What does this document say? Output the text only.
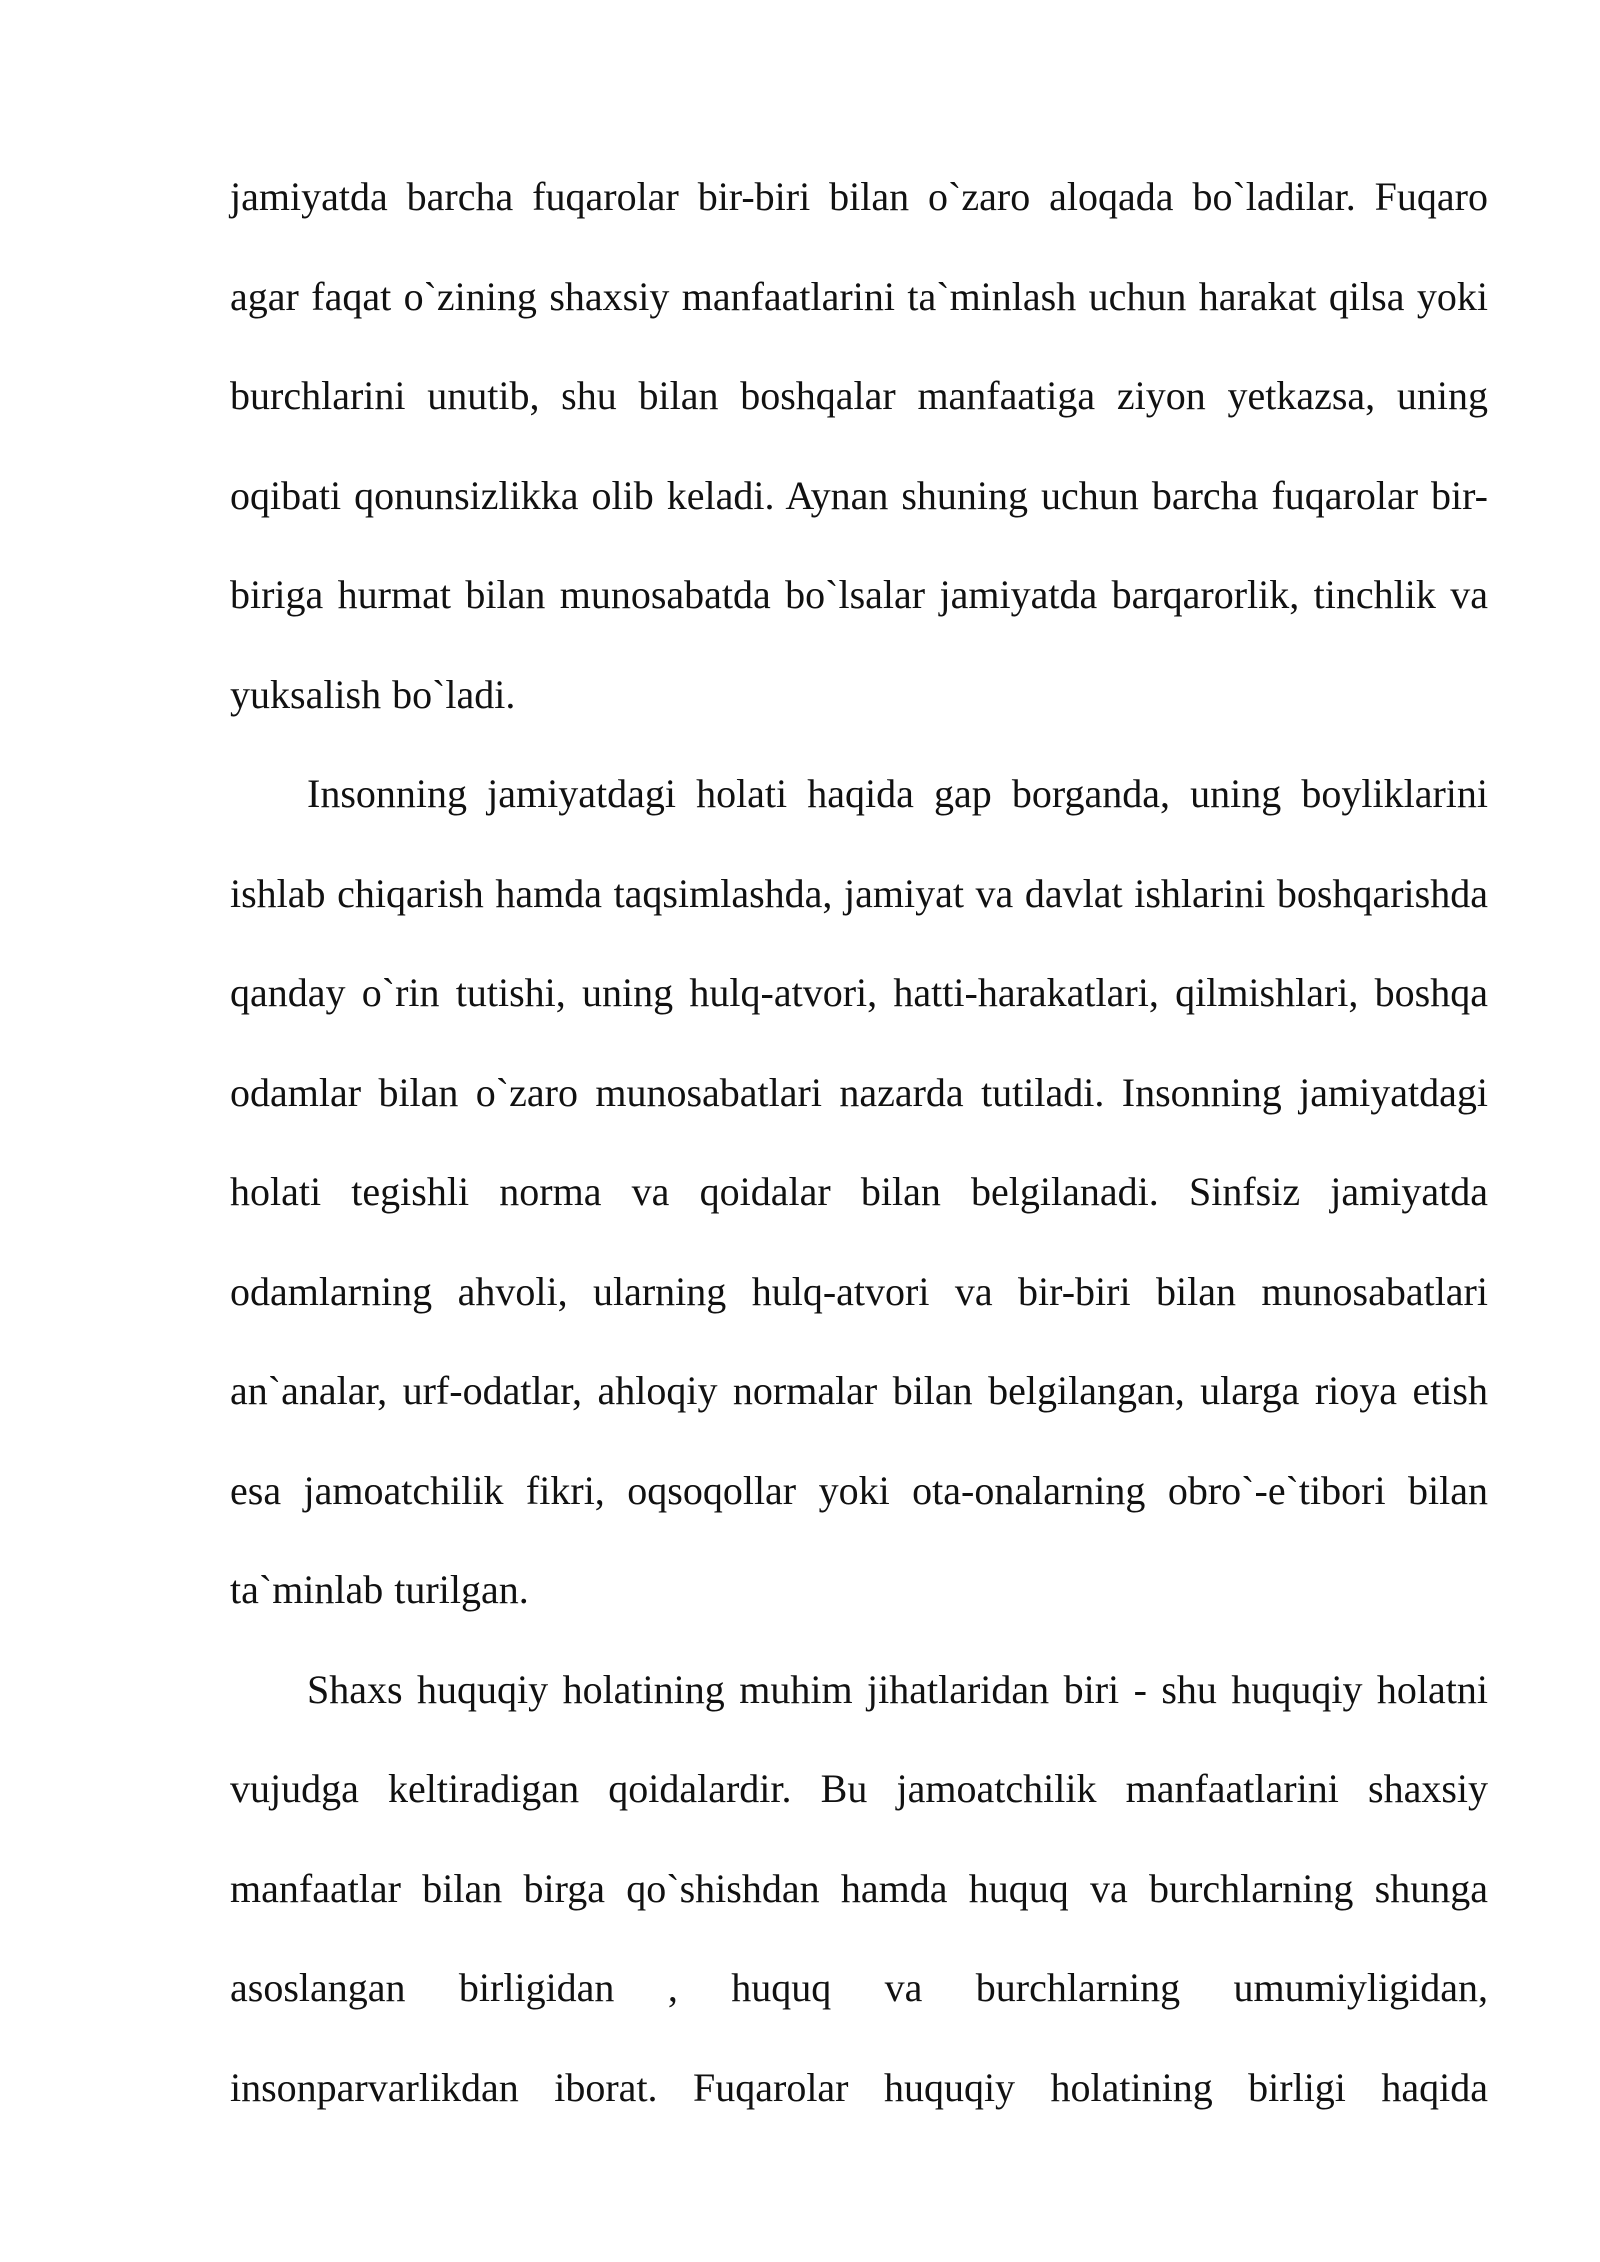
jamiyatda barcha fuqarolar bir-biri bilan o`zaro aloqada bo`ladilar. Fuqaro agar faqat o`zining shaxsiy manfaatlarini ta`minlash uchun harakat qilsa yoki burchlarini unutib, shu bilan boshqalar manfaatiga ziyon yetkazsa, uning oqibati qonunsizlikka olib keladi. Aynan shuning uchun barcha fuqarolar bir-biriga hurmat bilan munosabatda bo`lsalar jamiyatda barqarorlik, tinchlik va yuksalish bo`ladi.

Insonning jamiyatdagi holati haqida gap borganda, uning boyliklarini ishlab chiqarish hamda taqsimlashda, jamiyat va davlat ishlarini boshqarishda qanday o`rin tutishi, uning hulq-atvori, hatti-harakatlari, qilmishlari, boshqa odamlar bilan o`zaro munosabatlari nazarda tutiladi. Insonning jamiyatdagi holati tegishli norma va qoidalar bilan belgilanadi. Sinfsiz jamiyatda odamlarning ahvoli, ularning hulq-atvori va bir-biri bilan munosabatlari an`analar, urf-odatlar, ahloqiy normalar bilan belgilangan, ularga rioya etish esa jamoatchilik fikri, oqsoqollar yoki ota-onalarning obro`-e`tibori bilan ta`minlab turilgan.

Shaxs huquqiy holatining muhim jihatlaridan biri - shu huquqiy holatni vujudga keltiradigan qoidalardir. Bu jamoatchilik manfaatlarini shaxsiy manfaatlar bilan birga qo`shishdan hamda huquq va burchlarning shunga asoslangan birligidan , huquq va burchlarning umumiyligidan, insonparvarlikdan iborat. Fuqarolar huquqiy holatining birligi haqida
